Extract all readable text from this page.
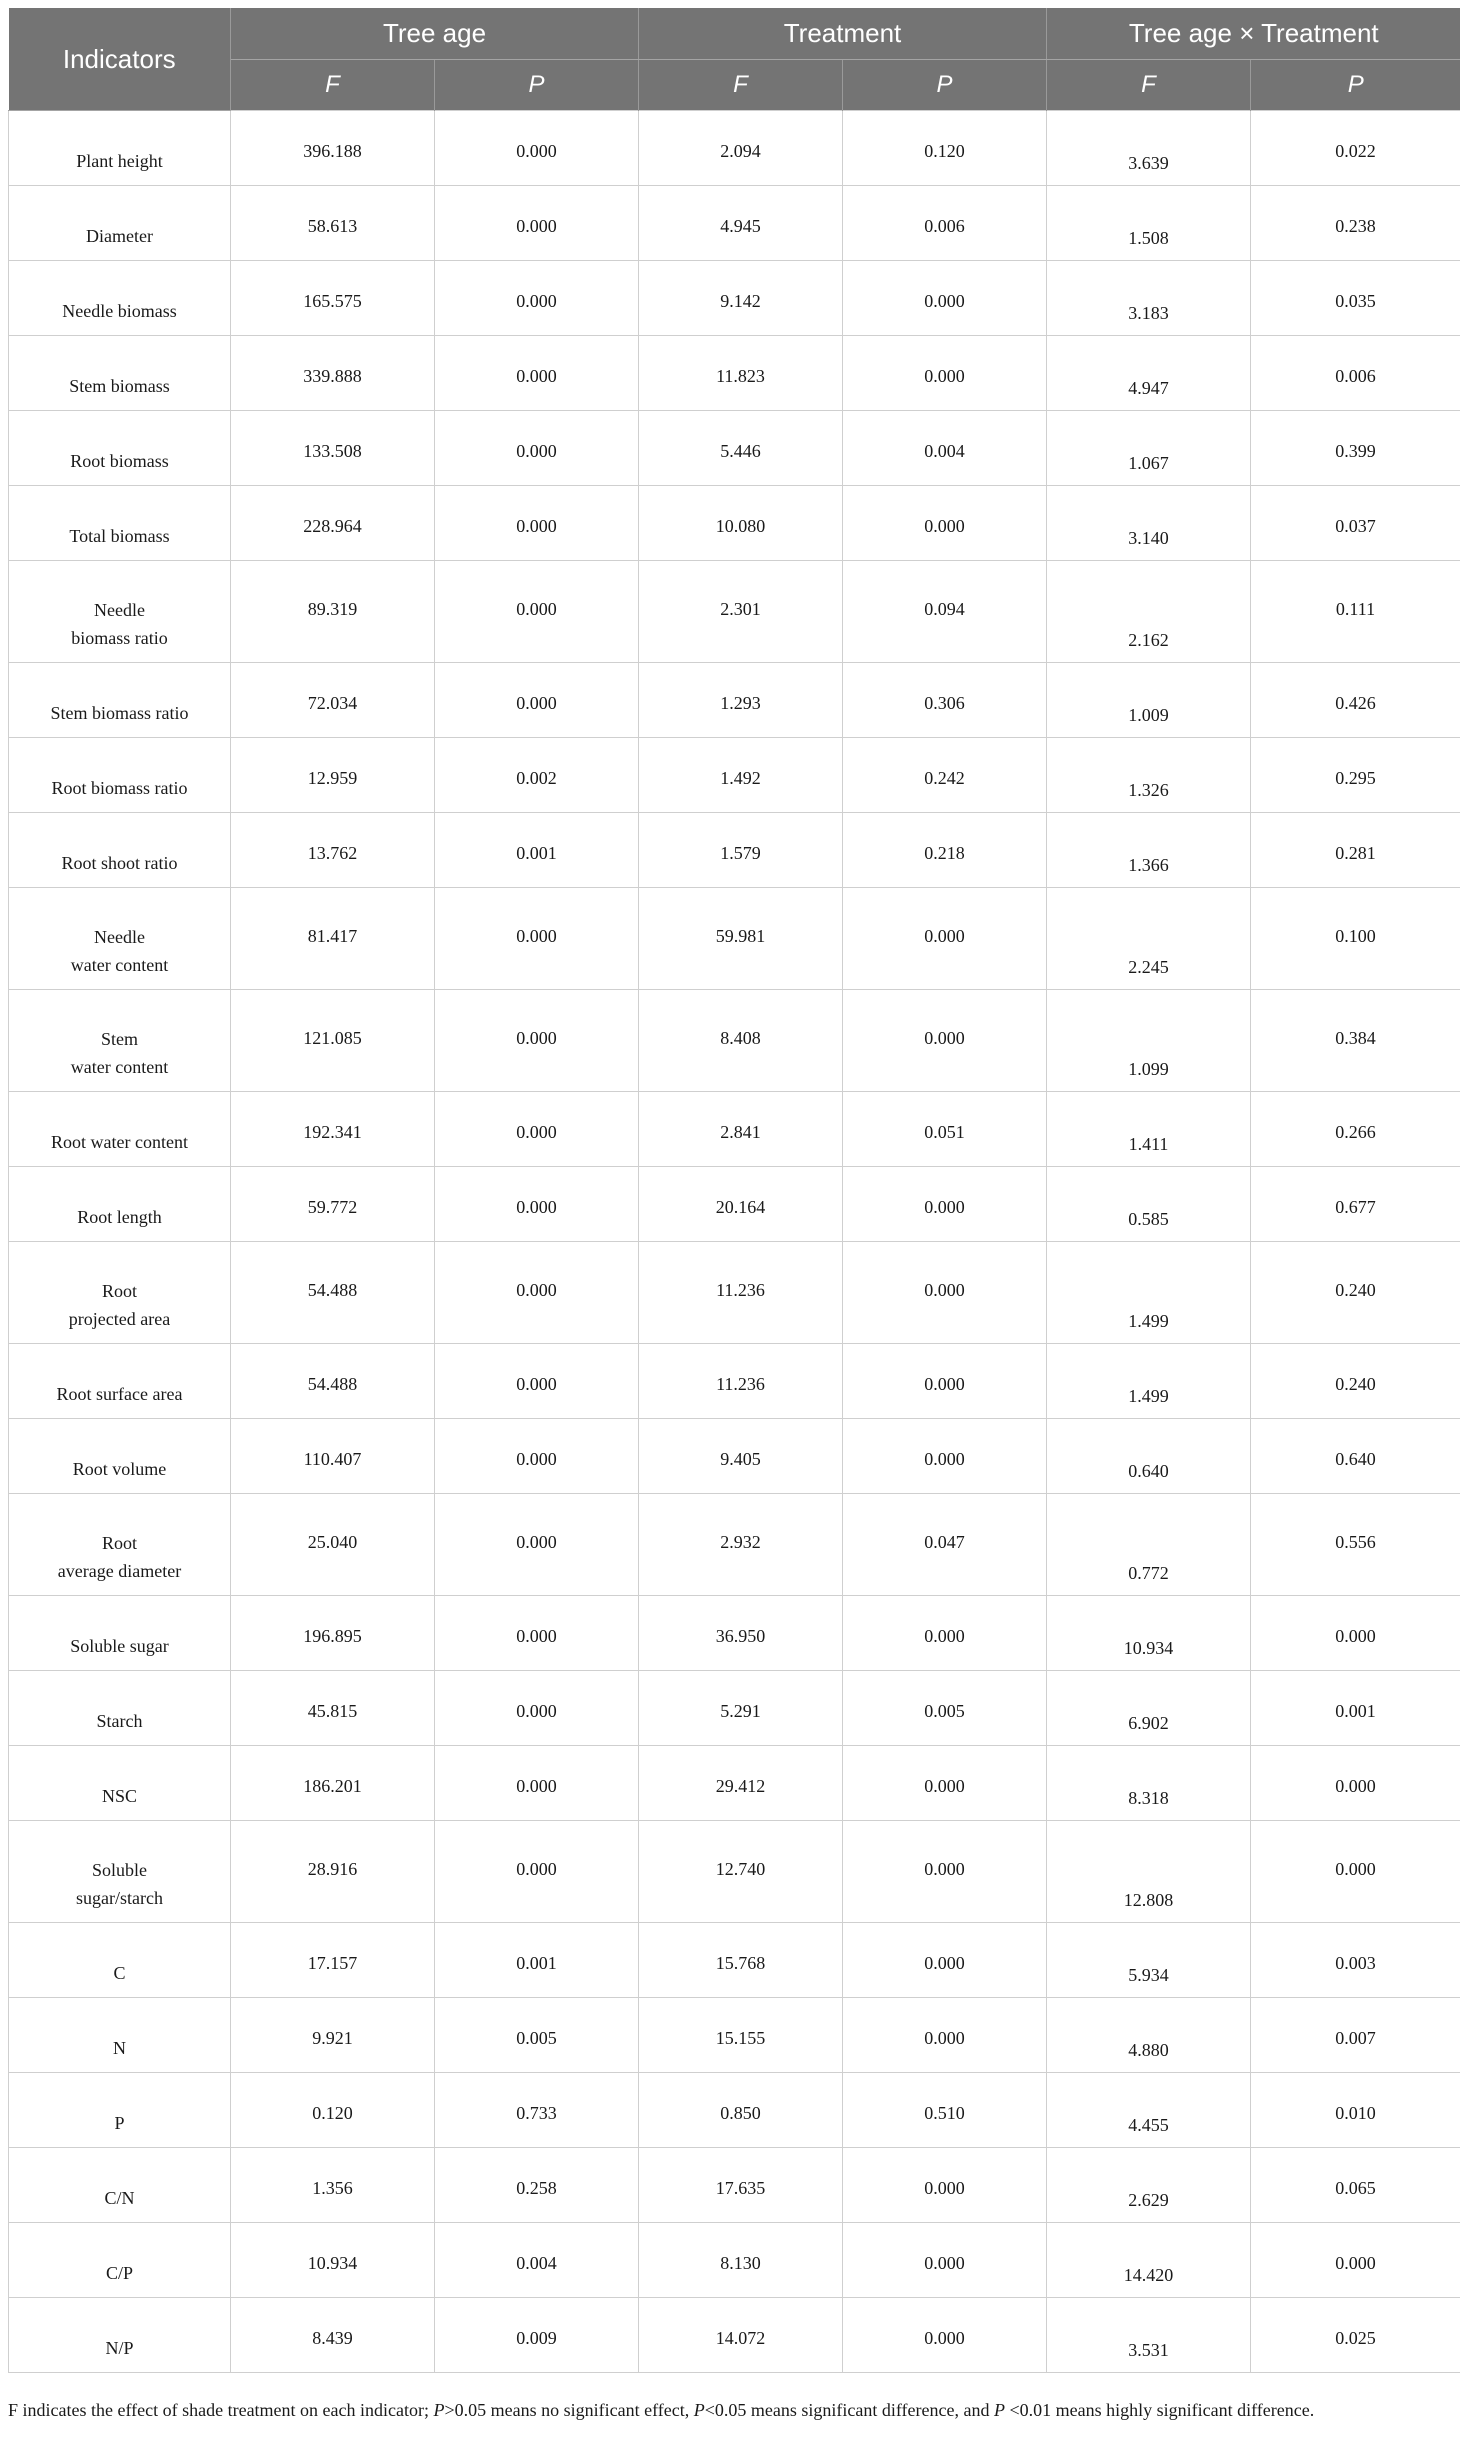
Indicators	Tree age		Treatment		Tree age × Treatment	
	F	P	F	P	F	P

Plant height	396.188	0.000	2.094	0.120	3.639	0.022

Diameter	58.613	0.000	4.945	0.006	1.508	0.238

Needle biomass	165.575	0.000	9.142	0.000	3.183	0.035

Stem biomass	339.888	0.000	11.823	0.000	4.947	0.006

Root biomass	133.508	0.000	5.446	0.004	1.067	0.399

Total biomass	228.964	0.000	10.080	0.000	3.140	0.037

Needle
biomass ratio	89.319	0.000	2.301	0.094	2.162	0.111

Stem biomass ratio	72.034	0.000	1.293	0.306	1.009	0.426

Root biomass ratio	12.959	0.002	1.492	0.242	1.326	0.295

Root shoot ratio	13.762	0.001	1.579	0.218	1.366	0.281

Needle
water content	81.417	0.000	59.981	0.000	2.245	0.100

Stem
water content	121.085	0.000	8.408	0.000	1.099	0.384

Root water content	192.341	0.000	2.841	0.051	1.411	0.266

Root length	59.772	0.000	20.164	0.000	0.585	0.677

Root
projected area	54.488	0.000	11.236	0.000	1.499	0.240

Root surface area	54.488	0.000	11.236	0.000	1.499	0.240

Root volume	110.407	0.000	9.405	0.000	0.640	0.640

Root
average diameter	25.040	0.000	2.932	0.047	0.772	0.556

Soluble sugar	196.895	0.000	36.950	0.000	10.934	0.000

Starch	45.815	0.000	5.291	0.005	6.902	0.001

NSC	186.201	0.000	29.412	0.000	8.318	0.000

Soluble
sugar/starch	28.916	0.000	12.740	0.000	12.808	0.000

C	17.157	0.001	15.768	0.000	5.934	0.003

N	9.921	0.005	15.155	0.000	4.880	0.007

P	0.120	0.733	0.850	0.510	4.455	0.010

C/N	1.356	0.258	17.635	0.000	2.629	0.065

C/P	10.934	0.004	8.130	0.000	14.420	0.000

N/P	8.439	0.009	14.072	0.000	3.531	0.025
F indicates the effect of shade treatment on each indicator; P>0.05 means no significant effect, P<0.05 means significant difference, and P <0.01 means highly significant difference.
